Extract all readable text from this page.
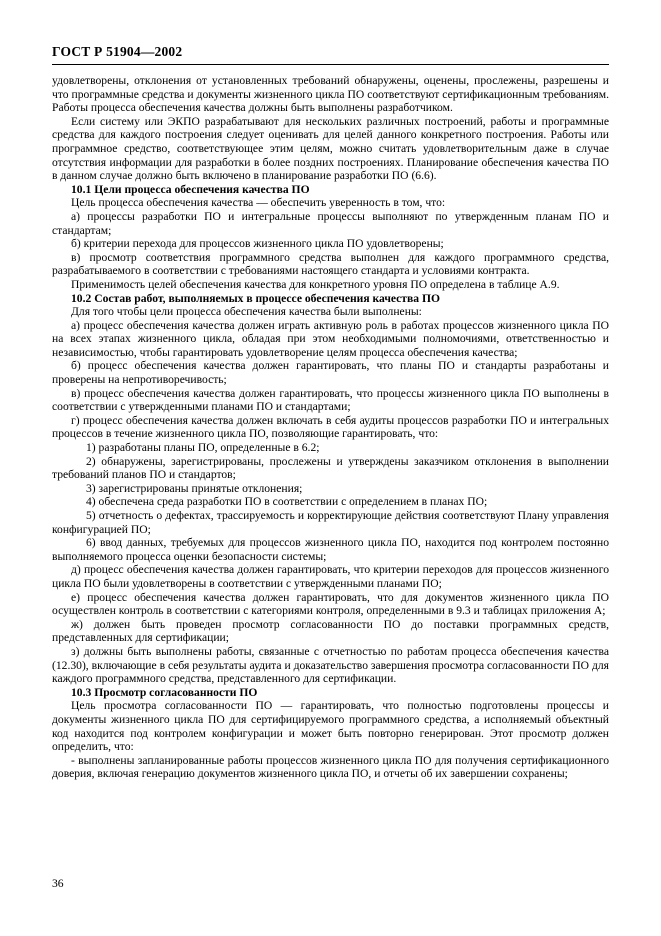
ГОСТ Р 51904—2002

удовлетворены, отклонения от установленных требований обнаружены, оценены, прослежены, разрешены и что программные средства и документы жизненного цикла ПО соответствуют сертификационным требованиям. Работы процесса обеспечения качества должны быть выполнены разработчиком.

Если систему или ЭКПО разрабатывают для нескольких различных построений, работы и программные средства для каждого построения следует оценивать для целей данного конкретного построения. Работы или программное средство, соответствующее этим целям, можно считать удовлетворительным даже в случае отсутствия информации для разработки в более поздних построениях. Планирование обеспечения качества ПО в данном случае должно быть включено в планирование разработки ПО (6.6).

10.1 Цели процесса обеспечения качества ПО

Цель процесса обеспечения качества — обеспечить уверенность в том, что:

а) процессы разработки ПО и интегральные процессы выполняют по утвержденным планам ПО и стандартам;

б) критерии перехода для процессов жизненного цикла ПО удовлетворены;

в) просмотр соответствия программного средства выполнен для каждого программного средства, разрабатываемого в соответствии с требованиями настоящего стандарта и условиями контракта.

Применимость целей обеспечения качества для конкретного уровня ПО определена в таблице А.9.

10.2 Состав работ, выполняемых в процессе обеспечения качества ПО

Для того чтобы цели процесса обеспечения качества были выполнены:

а) процесс обеспечения качества должен играть активную роль в работах процессов жизненного цикла ПО на всех этапах жизненного цикла, обладая при этом необходимыми полномочиями, ответственностью и независимостью, чтобы гарантировать удовлетворение целям процесса обеспечения качества;

б) процесс обеспечения качества должен гарантировать, что планы ПО и стандарты разработаны и проверены на непротиворечивость;

в) процесс обеспечения качества должен гарантировать, что процессы жизненного цикла ПО выполнены в соответствии с утвержденными планами ПО и стандартами;

г) процесс обеспечения качества должен включать в себя аудиты процессов разработки ПО и интегральных процессов в течение жизненного цикла ПО, позволяющие гарантировать, что:

1) разработаны планы ПО, определенные в 6.2;

2) обнаружены, зарегистрированы, прослежены и утверждены заказчиком отклонения в выполнении требований планов ПО и стандартов;

3) зарегистрированы принятые отклонения;

4) обеспечена среда разработки ПО в соответствии с определением в планах ПО;

5) отчетность о дефектах, трассируемость и корректирующие действия соответствуют Плану управления конфигурацией ПО;

6) ввод данных, требуемых для процессов жизненного цикла ПО, находится под контролем постоянно выполняемого процесса оценки безопасности системы;

д) процесс обеспечения качества должен гарантировать, что критерии переходов для процессов жизненного цикла ПО были удовлетворены в соответствии с утвержденными планами ПО;

е) процесс обеспечения качества должен гарантировать, что для документов жизненного цикла ПО осуществлен контроль в соответствии с категориями контроля, определенными в 9.3 и таблицах приложения А;

ж) должен быть проведен просмотр согласованности ПО до поставки программных средств, представленных для сертификации;

з) должны быть выполнены работы, связанные с отчетностью по работам процесса обеспечения качества (12.30), включающие в себя результаты аудита и доказательство завершения просмотра согласованности ПО для каждого программного средства, представленного для сертификации.

10.3 Просмотр согласованности ПО

Цель просмотра согласованности ПО — гарантировать, что полностью подготовлены процессы и документы жизненного цикла ПО для сертифицируемого программного средства, а исполняемый объектный код находится под контролем конфигурации и может быть повторно генерирован. Этот просмотр должен определить, что:

- выполнены запланированные работы процессов жизненного цикла ПО для получения сертификационного доверия, включая генерацию документов жизненного цикла ПО, и отчеты об их завершении сохранены;

36
